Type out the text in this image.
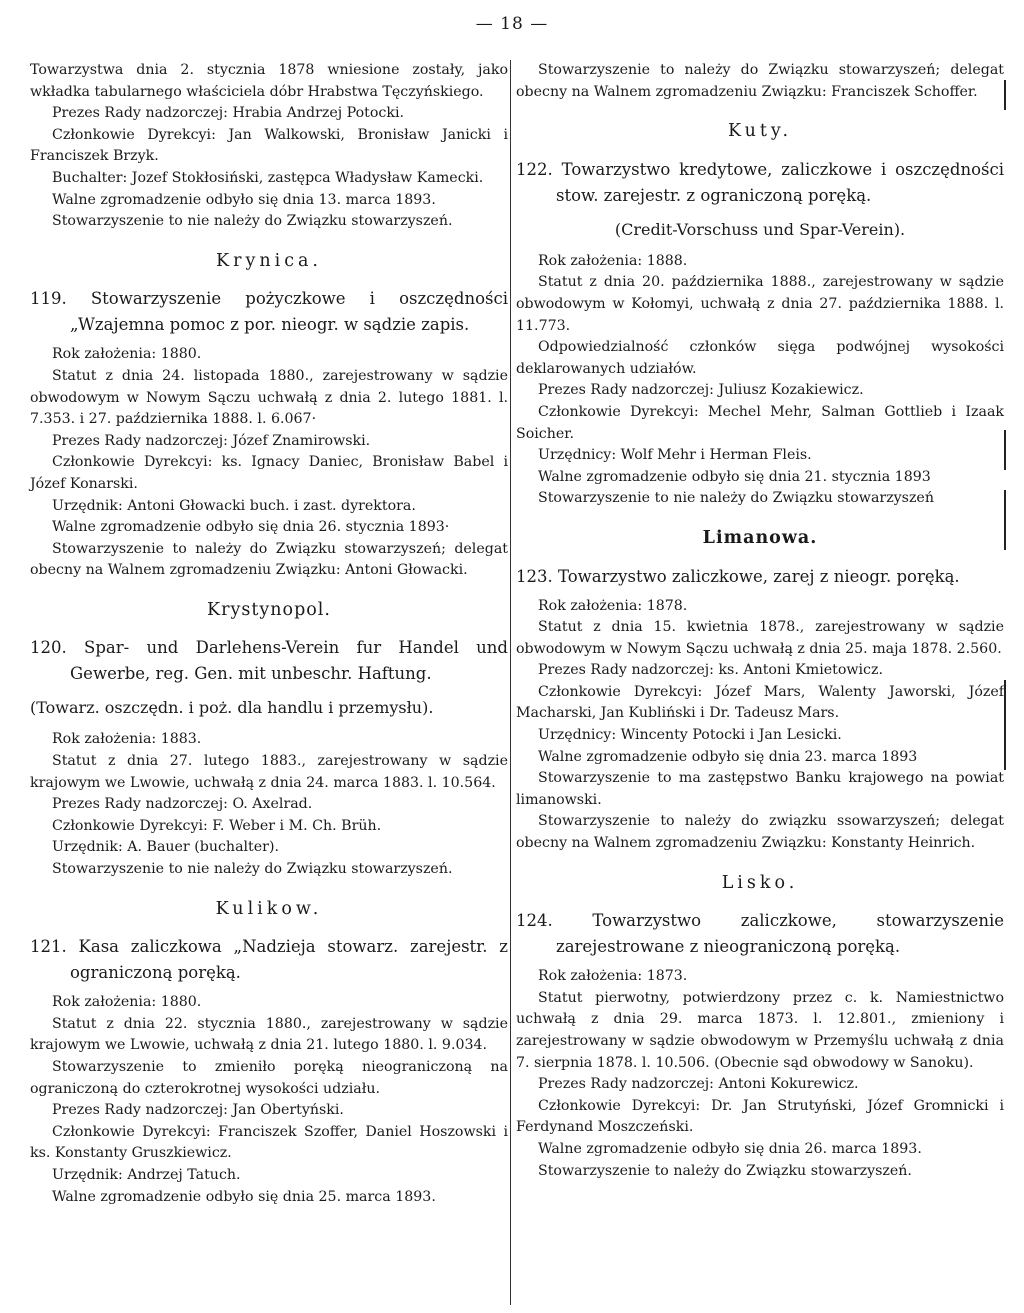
— 18 —

Towarzystwa dnia 2. stycznia 1878 wniesione zostały, jako wkładka tabularnego właściciela dóbr Hrabstwa Tęczyńskiego.

Prezes Rady nadzorczej: Hrabia Andrzej Potocki.

Członkowie Dyrekcyi: Jan Walkowski, Bronisław Janicki i Franciszek Brzyk.

Buchalter: Jozef Stokłosiński, zastępca Władysław Kamecki.

Walne zgromadzenie odbyło się dnia 13. marca 1893.

Stowarzyszenie to nie należy do Związku stowarzyszeń.

Krynica.

119. Stowarzyszenie pożyczkowe i oszczędności „Wzajemna pomoc z por. nieogr. w sądzie zapis.

Rok założenia: 1880.

Statut z dnia 24. listopada 1880., zarejestrowany w sądzie obwodowym w Nowym Sączu uchwałą z dnia 2. lutego 1881. l. 7.353. i 27. października 1888. l. 6.067·

Prezes Rady nadzorczej: Józef Znamirowski.

Członkowie Dyrekcyi: ks. Ignacy Daniec, Bronisław Babel i Józef Konarski.

Urzędnik: Antoni Głowacki buch. i zast. dyrektora.

Walne zgromadzenie odbyło się dnia 26. stycznia 1893·

Stowarzyszenie to należy do Związku stowarzyszeń; delegat obecny na Walnem zgromadzeniu Związku: Antoni Głowacki.

Krystynopol.

120. Spar- und Darlehens-Verein fur Handel und Gewerbe, reg. Gen. mit unbeschr. Haftung.

(Towarz. oszczędn. i poż. dla handlu i przemysłu).

Rok założenia: 1883.

Statut z dnia 27. lutego 1883., zarejestrowany w sądzie krajowym we Lwowie, uchwałą z dnia 24. marca 1883. l. 10.564.

Prezes Rady nadzorczej: O. Axelrad.

Członkowie Dyrekcyi: F. Weber i M. Ch. Brüh.

Urzędnik: A. Bauer (buchalter).

Stowarzyszenie to nie należy do Związku stowarzyszeń.

Kulikow.

121. Kasa zaliczkowa „Nadzieja stowarz. zarejestr. z ograniczoną poręką.

Rok założenia: 1880.

Statut z dnia 22. stycznia 1880., zarejestrowany w sądzie krajowym we Lwowie, uchwałą z dnia 21. lutego 1880. l. 9.034.

Stowarzyszenie to zmieniło poręką nieograniczoną na ograniczoną do czterokrotnej wysokości udziału.

Prezes Rady nadzorczej: Jan Obertyński.

Członkowie Dyrekcyi: Franciszek Szoffer, Daniel Hoszowski i ks. Konstanty Gruszkiewicz.

Urzędnik: Andrzej Tatuch.

Walne zgromadzenie odbyło się dnia 25. marca 1893.

Stowarzyszenie to należy do Związku stowarzyszeń; delegat obecny na Walnem zgromadzeniu Związku: Franciszek Schoffer.

Kuty.

122. Towarzystwo kredytowe, zaliczkowe i oszczędności stow. zarejestr. z ograniczoną poręką.

(Credit-Vorschuss und Spar-Verein).

Rok założenia: 1888.

Statut z dnia 20. października 1888., zarejestrowany w sądzie obwodowym w Kołomyi, uchwałą z dnia 27. października 1888. l. 11.773.

Odpowiedzialność członków sięga podwójnej wysokości deklarowanych udziałów.

Prezes Rady nadzorczej: Juliusz Kozakiewicz.

Członkowie Dyrekcyi: Mechel Mehr, Salman Gottlieb i Izaak Soicher.

Urzędnicy: Wolf Mehr i Herman Fleis.

Walne zgromadzenie odbyło się dnia 21. stycznia 1893

Stowarzyszenie to nie należy do Związku stowarzyszeń

Limanowa.

123. Towarzystwo zaliczkowe, zarej z nieogr. poręką.

Rok założenia: 1878.

Statut z dnia 15. kwietnia 1878., zarejestrowany w sądzie obwodowym w Nowym Sączu uchwałą z dnia 25. maja 1878. 2.560.

Prezes Rady nadzorczej: ks. Antoni Kmietowicz.

Członkowie Dyrekcyi: Józef Mars, Walenty Jaworski, Józef Macharski, Jan Kubliński i Dr. Tadeusz Mars.

Urzędnicy: Wincenty Potocki i Jan Lesicki.

Walne zgromadzenie odbyło się dnia 23. marca 1893

Stowarzyszenie to ma zastępstwo Banku krajowego na powiat limanowski.

Stowarzyszenie to należy do związku ssowarzyszeń; delegat obecny na Walnem zgromadzeniu Związku: Konstanty Heinrich.

Lisko.

124. Towarzystwo zaliczkowe, stowarzyszenie zarejestrowane z nieograniczoną poręką.

Rok założenia: 1873.

Statut pierwotny, potwierdzony przez c. k. Namiestnictwo uchwałą z dnia 29. marca 1873. l. 12.801., zmieniony i zarejestrowany w sądzie obwodowym w Przemyślu uchwałą z dnia 7. sierpnia 1878. l. 10.506. (Obecnie sąd obwodowy w Sanoku).

Prezes Rady nadzorczej: Antoni Kokurewicz.

Członkowie Dyrekcyi: Dr. Jan Strutyński, Józef Gromnicki i Ferdynand Moszczeński.

Walne zgromadzenie odbyło się dnia 26. marca 1893.

Stowarzyszenie to należy do Związku stowarzyszeń.
